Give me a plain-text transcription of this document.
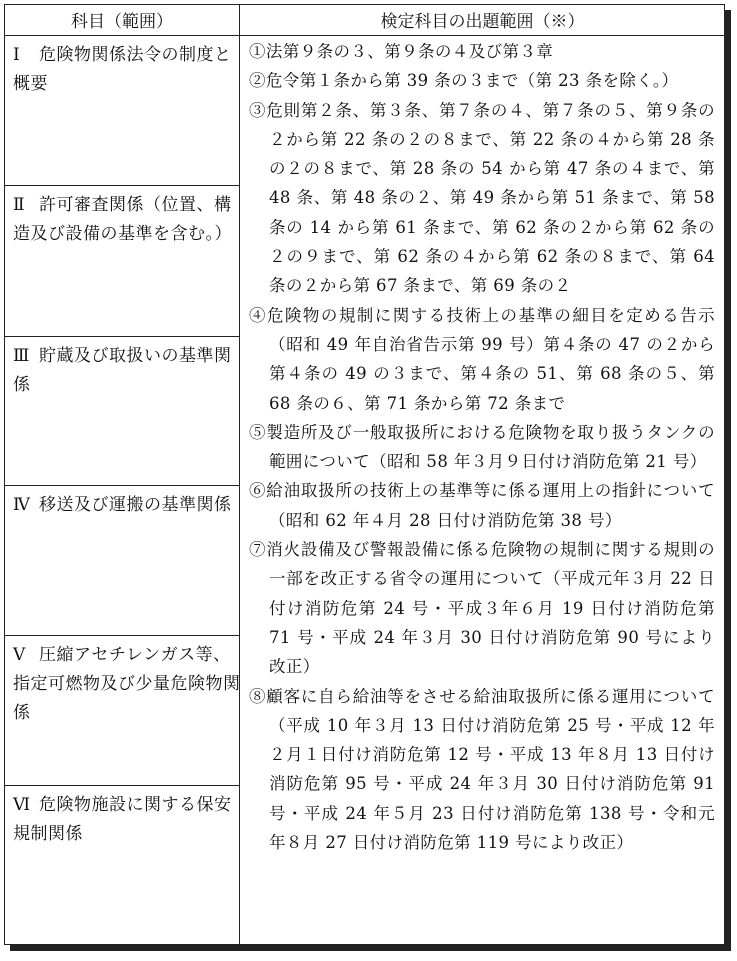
科目（範囲）	検定科目の出題範囲（※）
Ⅰ 危険物関係法令の制度と概要
Ⅱ 許可審査関係（位置、構造及び設備の基準を含む。）
Ⅲ 貯蔵及び取扱いの基準関係
Ⅳ 移送及び運搬の基準関係
Ⅴ 圧縮アセチレンガス等、指定可燃物及び少量危険物関係
Ⅵ 危険物施設に関する保安規制関係

①法第９条の３、第９条の４及び第３章

②危令第１条から第 39 条の３まで（第 23 条を除く。）

③危則第２条、第３条、第７条の４、第７条の５、第９条の２から第 22 条の２の８まで、第 22 条の４から第 28 条の２の８まで、第 28 条の 54 から第 47 条の４まで、第 48 条、第 48 条の２、第 49 条から第 51 条まで、第 58 条の 14 から第 61 条まで、第 62 条の２から第 62 条の２の９まで、第 62 条の４から第 62 条の８まで、第 64 条の２から第 67 条まで、第 69 条の２

④危険物の規制に関する技術上の基準の細目を定める告示（昭和 49 年自治省告示第 99 号）第４条の 47 の２から第４条の 49 の３まで、第４条の 51、第 68 条の５、第 68 条の６、第 71 条から第 72 条まで

⑤製造所及び一般取扱所における危険物を取り扱うタンクの範囲について（昭和 58 年３月９日付け消防危第 21 号）

⑥給油取扱所の技術上の基準等に係る運用上の指針について（昭和 62 年４月 28 日付け消防危第 38 号）

⑦消火設備及び警報設備に係る危険物の規制に関する規則の一部を改正する省令の運用について（平成元年３月 22 日付け消防危第 24 号・平成３年６月 19 日付け消防危第 71 号・平成 24 年３月 30 日付け消防危第 90 号により改正）

⑧顧客に自ら給油等をさせる給油取扱所に係る運用について（平成 10 年３月 13 日付け消防危第 25 号・平成 12 年２月１日付け消防危第 12 号・平成 13 年８月 13 日付け消防危第 95 号・平成 24 年３月 30 日付け消防危第 91 号・平成 24 年５月 23 日付け消防危第 138 号・令和元年８月 27 日付け消防危第 119 号により改正）
